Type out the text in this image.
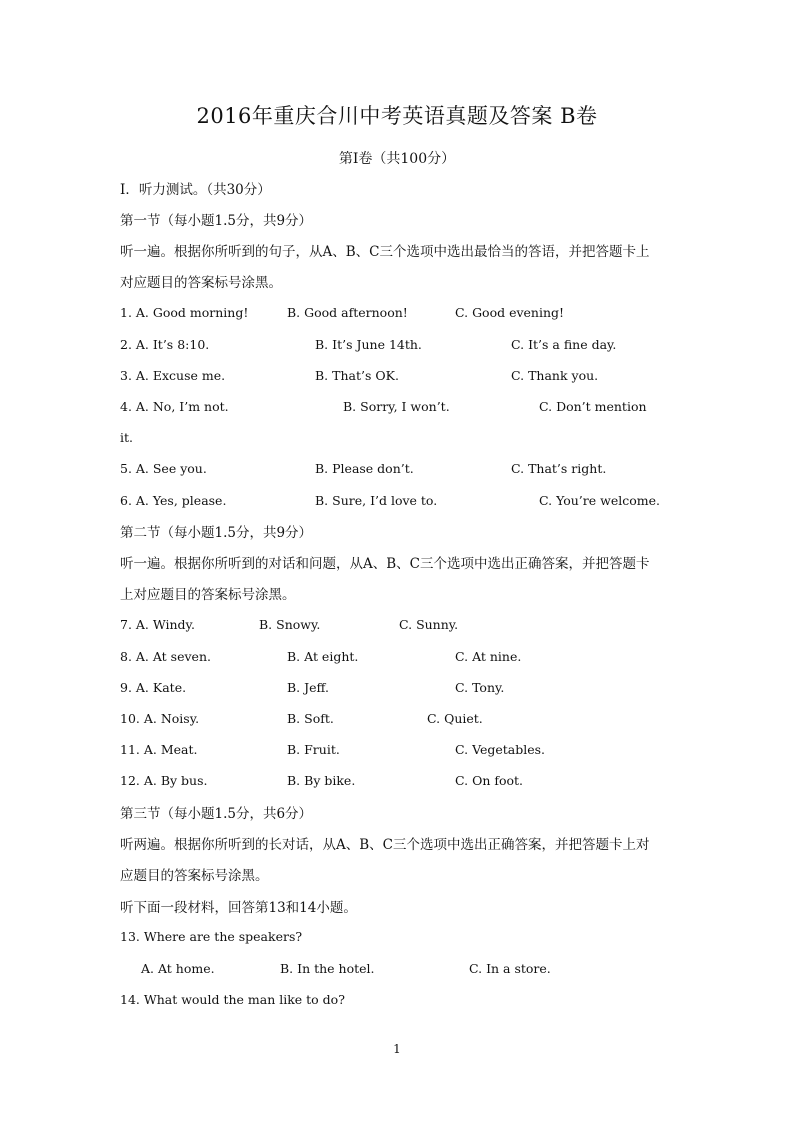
2016年重庆合川中考英语真题及答案 B卷
第I卷（共100分）
I．听力测试。（共30分）
第一节（每小题1.5分，共9分）
听一遍。根据你所听到的句子，从A、B、C三个选项中选出最恰当的答语，并把答题卡上
对应题目的答案标号涂黑。
1. A. Good morning!	B. Good afternoon!	C. Good evening!
2. A. It’s 8:10.	B. It’s June 14th.	C. It’s a fine day.
3. A. Excuse me.	B. That’s OK.	C. Thank you.
4. A. No, I’m not.	B. Sorry, I won’t.	C. Don’t mention
it.
5. A. See you.	B. Please don’t.	C. That’s right.
6. A. Yes, please.	B. Sure, I’d love to.	C. You’re welcome.
第二节（每小题1.5分，共9分）
听一遍。根据你所听到的对话和问题，从A、B、C三个选项中选出正确答案，并把答题卡
上对应题目的答案标号涂黑。
7. A. Windy.	B. Snowy.	C. Sunny.
8. A. At seven.	B. At eight.	C. At nine.
9. A. Kate.	B. Jeff.	C. Tony.
10. A. Noisy.	B. Soft.	C. Quiet.
11. A. Meat.	B. Fruit.	C. Vegetables.
12. A. By bus.	B. By bike.	C. On foot.
第三节（每小题1.5分，共6分）
听两遍。根据你所听到的长对话，从A、B、C三个选项中选出正确答案，并把答题卡上对
应题目的答案标号涂黑。
听下面一段材料，回答第13和14小题。
13. Where are the speakers?
A. At home.	B. In the hotel.	C. In a store.
14. What would the man like to do?
1
